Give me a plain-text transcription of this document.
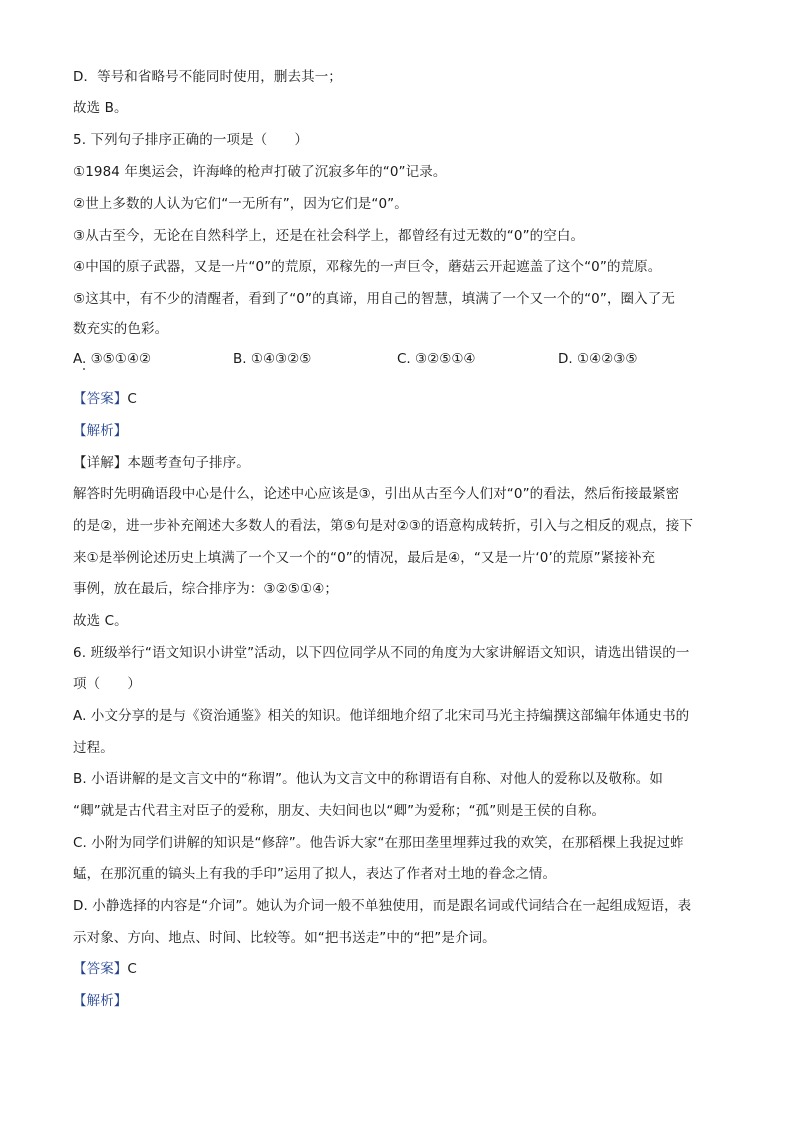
D．等号和省略号不能同时使用，删去其一；
故选 B。
5. 下列句子排序正确的一项是（　　）
①1984 年奥运会，许海峰的枪声打破了沉寂多年的“0”记录。
②世上多数的人认为它们“一无所有”，因为它们是“0”。
③从古至今，无论在自然科学上，还是在社会科学上，都曾经有过无数的“0”的空白。
④中国的原子武器，又是一片“0”的荒原，邓稼先的一声巨令，蘑菇云开起遮盖了这个“0”的荒原。
⑤这其中，有不少的清醒者，看到了“0”的真谛，用自己的智慧，填满了一个又一个的“0”，圈入了无
数充实的色彩。
A. ③⑤①④②	B. ①④③②⑤	C. ③②⑤①④	D. ①④②③⑤
【答案】C
【解析】
【详解】本题考查句子排序。
解答时先明确语段中心是什么，论述中心应该是③，引出从古至今人们对“0”的看法，然后衔接最紧密
的是②，进一步补充阐述大多数人的看法，第⑤句是对②③的语意构成转折，引入与之相反的观点，接下
来①是举例论述历史上填满了一个又一个的“0”的情况，最后是④，“又是一片‘0’的荒原”紧接补充
事例，放在最后，综合排序为：③②⑤①④；
故选 C。
6. 班级举行“语文知识小讲堂”活动，以下四位同学从不同的角度为大家讲解语文知识，请选出错误的一
项（　　）
A. 小文分享的是与《资治通鉴》相关的知识。他详细地介绍了北宋司马光主持编撰这部编年体通史书的
过程。
B. 小语讲解的是文言文中的“称谓”。他认为文言文中的称谓语有自称、对他人的爱称以及敬称。如
“卿”就是古代君主对臣子的爱称，朋友、夫妇间也以“卿”为爱称；“孤”则是王侯的自称。
C. 小附为同学们讲解的知识是“修辞”。他告诉大家“在那田垄里埋葬过我的欢笑，在那稻棵上我捉过蚱
蜢，在那沉重的镐头上有我的手印”运用了拟人，表达了作者对土地的眷念之情。
D. 小静选择的内容是“介词”。她认为介词一般不单独使用，而是跟名词或代词结合在一起组成短语，表
示对象、方向、地点、时间、比较等。如“把书送走”中的“把”是介词。
【答案】C
【解析】
